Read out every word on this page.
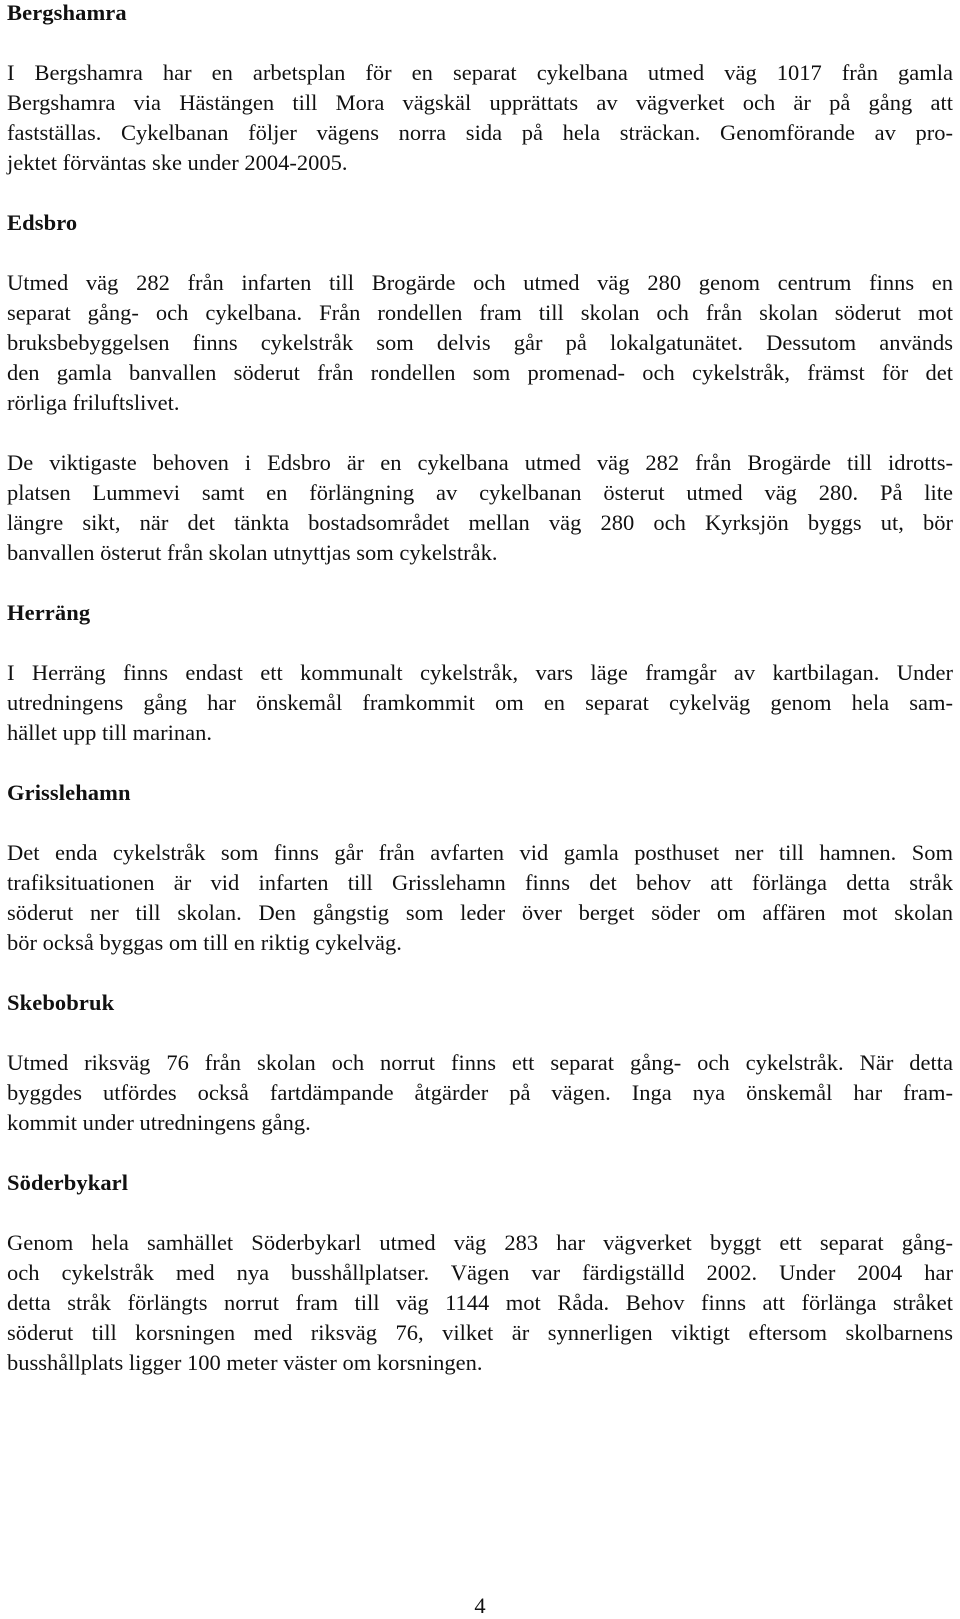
Bergshamra
I Bergshamra har en arbetsplan för en separat cykelbana utmed väg 1017 från gamla
Bergshamra via Hästängen till Mora vägskäl upprättats av vägverket och är på gång att
fastställas. Cykelbanan följer vägens norra sida på hela sträckan. Genomförande av pro-
jektet förväntas ske under 2004-2005.
Edsbro
Utmed väg 282 från infarten till Brogärde och utmed väg 280 genom centrum finns en
separat gång- och cykelbana. Från rondellen fram till skolan och från skolan söderut mot
bruksbebyggelsen finns cykelstråk som delvis går på lokalgatunätet. Dessutom används
den gamla banvallen söderut från rondellen som promenad- och cykelstråk, främst för det
rörliga friluftslivet.
De viktigaste behoven i Edsbro är en cykelbana utmed väg 282 från Brogärde till idrotts-
platsen Lummevi samt en förlängning av cykelbanan österut utmed väg 280. På lite
längre sikt, när det tänkta bostadsområdet mellan väg 280 och Kyrksjön byggs ut, bör
banvallen österut från skolan utnyttjas som cykelstråk.
Herräng
I Herräng finns endast ett kommunalt cykelstråk, vars läge framgår av kartbilagan. Under
utredningens gång har önskemål framkommit om en separat cykelväg genom hela sam-
hället upp till marinan.
Grisslehamn
Det enda cykelstråk som finns går från avfarten vid gamla posthuset ner till hamnen. Som
trafiksituationen är vid infarten till Grisslehamn finns det behov att förlänga detta stråk
söderut ner till skolan. Den gångstig som leder över berget söder om affären mot skolan
bör också byggas om till en riktig cykelväg.
Skebobruk
Utmed riksväg 76 från skolan och norrut finns ett separat gång- och cykelstråk. När detta
byggdes utfördes också fartdämpande åtgärder på vägen. Inga nya önskemål har fram-
kommit under utredningens gång.
Söderbykarl
Genom hela samhället Söderbykarl utmed väg 283 har vägverket byggt ett separat gång-
och cykelstråk med nya busshållplatser. Vägen var färdigställd 2002. Under 2004 har
detta stråk förlängts norrut fram till väg 1144 mot Råda. Behov finns att förlänga stråket
söderut till korsningen med riksväg 76, vilket är synnerligen viktigt eftersom skolbarnens
busshållplats ligger 100 meter väster om korsningen.
4
